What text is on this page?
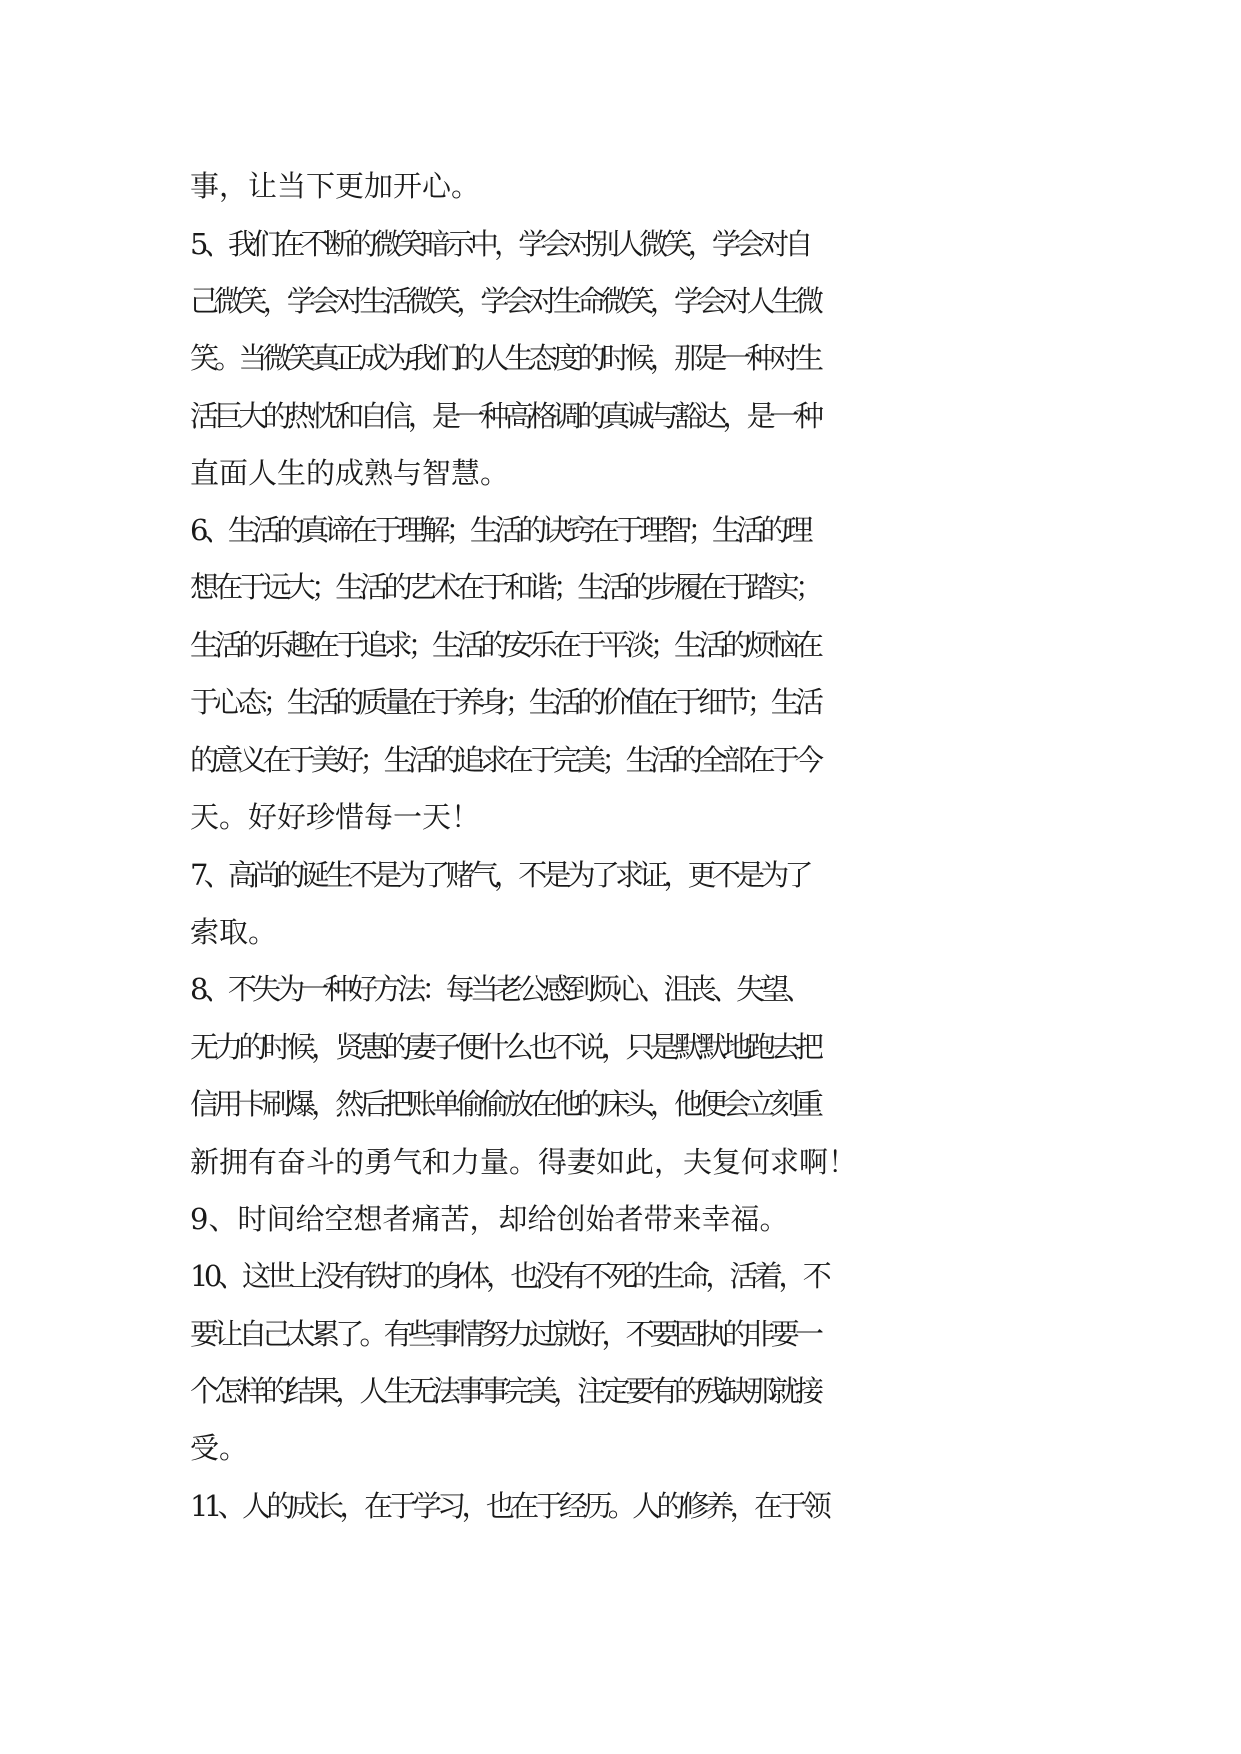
事，让当下更加开心。
5、我们在不断的微笑暗示中，学会对别人微笑，学会对自
己微笑，学会对生活微笑，学会对生命微笑，学会对人生微
笑。当微笑真正成为我们的人生态度的时候，那是一种对生
活巨大的热忱和自信，是一种高格调的真诚与豁达，是一种
直面人生的成熟与智慧。
6、生活的真谛在于理解；生活的诀窍在于理智；生活的理
想在于远大；生活的艺术在于和谐；生活的步履在于踏实；
生活的乐趣在于追求；生活的安乐在于平淡；生活的烦恼在
于心态；生活的质量在于养身；生活的价值在于细节；生活
的意义在于美好；生活的追求在于完美；生活的全部在于今
天。好好珍惜每一天！
7、高尚的诞生不是为了赌气，不是为了求证，更不是为了
索取。
8、不失为一种好方法：每当老公感到烦心、沮丧、失望、
无力的时候，贤惠的妻子便什么也不说，只是默默地跑去把
信用卡刷爆，然后把账单偷偷放在他的床头，他便会立刻重
新拥有奋斗的勇气和力量。得妻如此，夫复何求啊！
9、时间给空想者痛苦，却给创始者带来幸福。
10、这世上没有铁打的身体，也没有不死的生命，活着，不
要让自己太累了。有些事情努力过就好，不要固执的非要一
个怎样的结果，人生无法事事完美，注定要有的残缺那就接
受。
11、人的成长，在于学习，也在于经历。人的修养，在于领
